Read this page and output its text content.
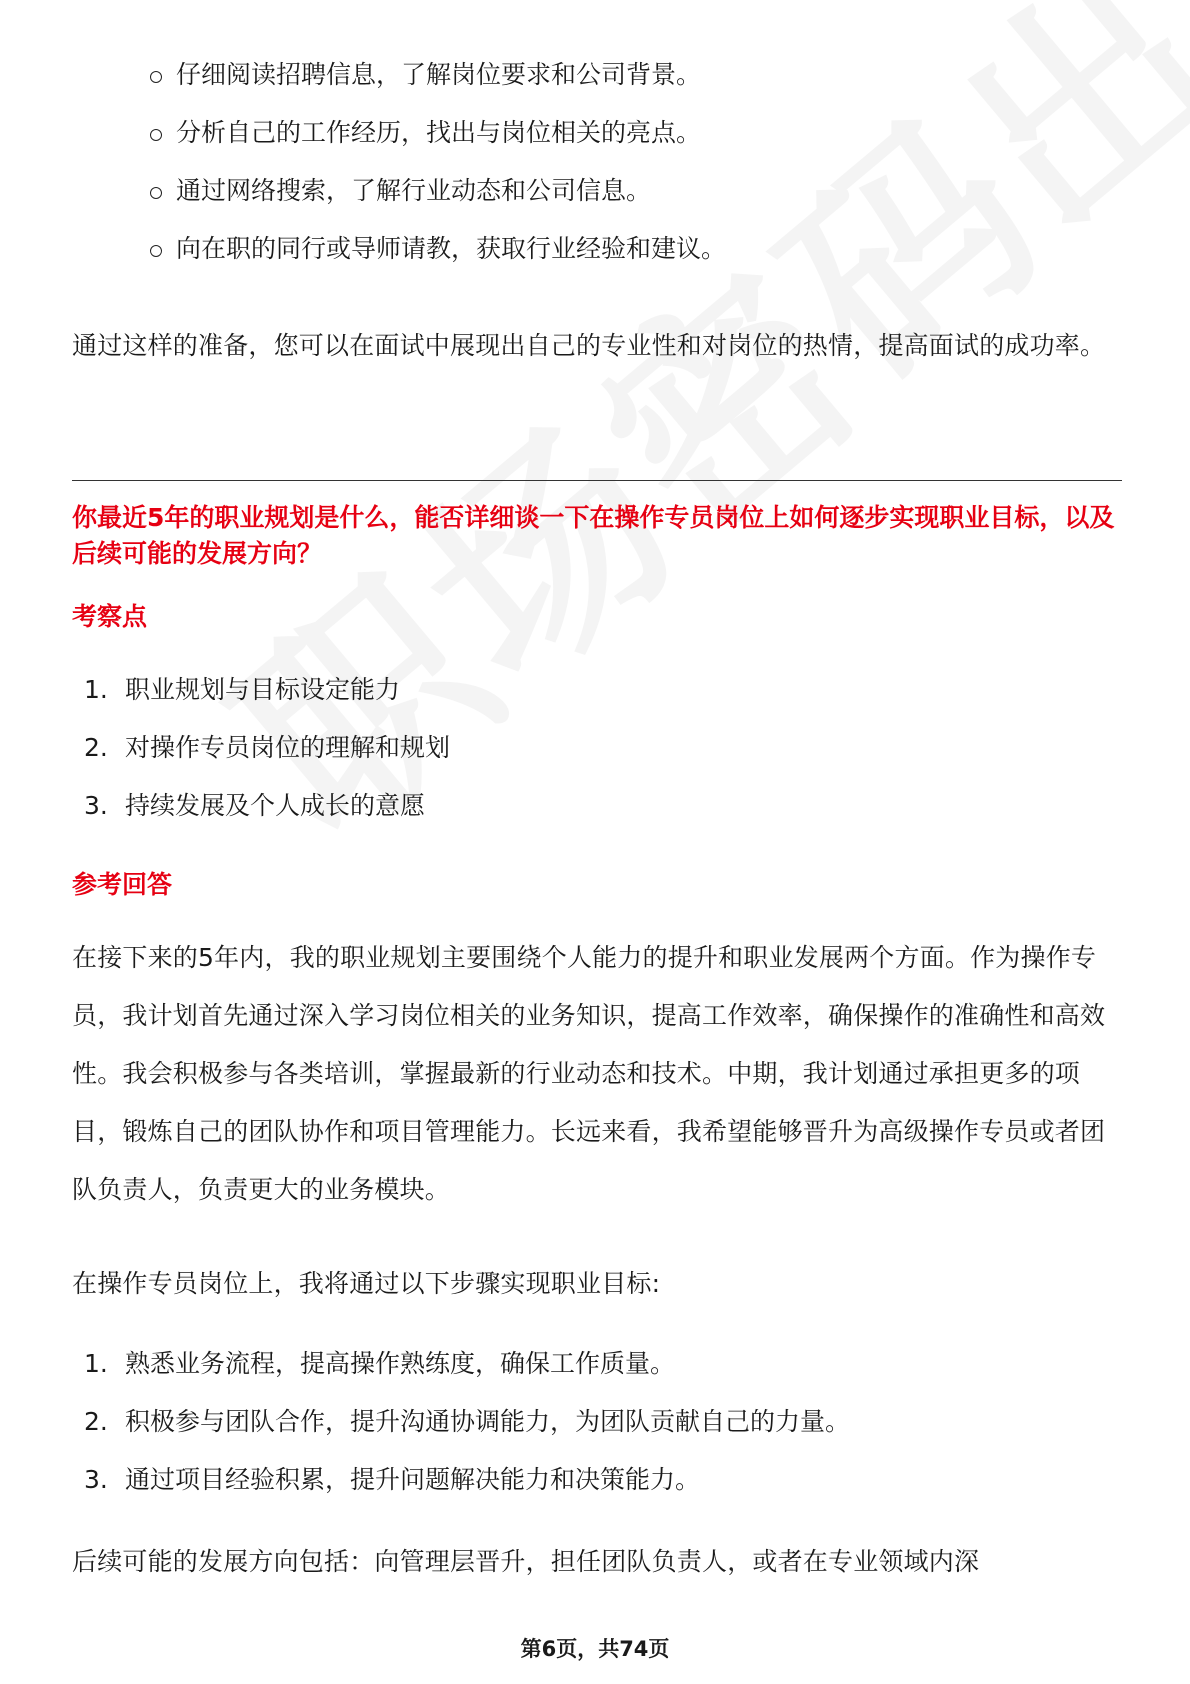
仔细阅读招聘信息，了解岗位要求和公司背景。
分析自己的工作经历，找出与岗位相关的亮点。
通过网络搜索，了解行业动态和公司信息。
向在职的同行或导师请教，获取行业经验和建议。

通过这样的准备，您可以在面试中展现出自己的专业性和对岗位的热情，提高面试的成功率。

你最近5年的职业规划是什么，能否详细谈一下在操作专员岗位上如何逐步实现职业目标，以及后续可能的发展方向？

考察点

1. 职业规划与目标设定能力
2. 对操作专员岗位的理解和规划
3. 持续发展及个人成长的意愿

参考回答

在接下来的5年内，我的职业规划主要围绕个人能力的提升和职业发展两个方面。作为操作专员，我计划首先通过深入学习岗位相关的业务知识，提高工作效率，确保操作的准确性和高效性。我会积极参与各类培训，掌握最新的行业动态和技术。中期，我计划通过承担更多的项目，锻炼自己的团队协作和项目管理能力。长远来看，我希望能够晋升为高级操作专员或者团队负责人，负责更大的业务模块。

在操作专员岗位上，我将通过以下步骤实现职业目标:

1. 熟悉业务流程，提高操作熟练度，确保工作质量。
2. 积极参与团队合作，提升沟通协调能力，为团队贡献自己的力量。
3. 通过项目经验积累，提升问题解决能力和决策能力。

后续可能的发展方向包括：向管理层晋升，担任团队负责人，或者在专业领域内深

第6页，共74页
